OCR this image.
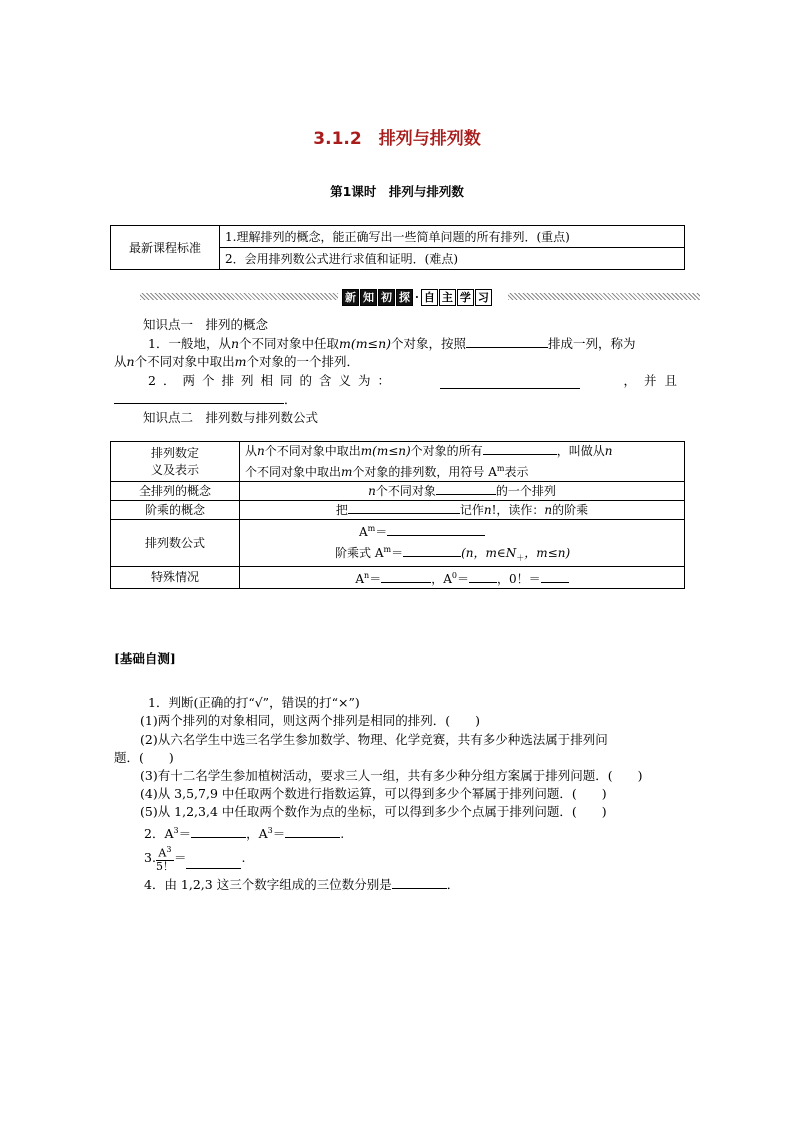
3.1.2　排列与排列数
第1课时　排列与排列数
最新课程标准	1.理解排列的概念，能正确写出一些简单问题的所有排列．(重点)
2．会用排列数公式进行求值和证明．(难点)
新 知 初 探 · 自 主 学 习
知识点一　排列的概念
1．一般地，从n个不同对象中任取m(m≤n)个对象，按照	排成一列，称为
从n个不同对象中取出m个对象的一个排列．
2．两个排列相同的含义为：	，并且
．
知识点二　排列数与排列数公式
排列数定
义及表示	从n个不同对象中取出m(m≤n)个对象的所有 ，叫做从n
个不同对象中取出m个对象的排列数，用符号 $A^m$表示
全排列的概念	n个不同对象 的一个排列
阶乘的概念	把 记作n!，读作：n的阶乘
排列数公式	$A^m=$
阶乘式 $A^m= (n$，$m\in N_+$，m≤n)

特殊情况	$A^n=$ ，$A^0=$ ，0！＝
[基础自测]
1．判断(正确的打“√”，错误的打“×”)
(1)两个排列的对象相同，则这两个排列是相同的排列．(　　)
(2)从六名学生中选三名学生参加数学、物理、化学竞赛，共有多少种选法属于排列问
题．(　　)
(3)有十二名学生参加植树活动，要求三人一组，共有多少种分组方案属于排列问题．(　　)
(4)从 3,5,7,9 中任取两个数进行指数运算，可以得到多少个幂属于排列问题．(　　)
(5)从 1,2,3,4 中任取两个数作为点的坐标，可以得到多少个点属于排列问题．(　　)
2．$A^3=$	，$A^3=$	.
3. $\frac{A^3}{5!}$ ＝	.
4．由 1,2,3 这三个数字组成的三位数分别是	．
